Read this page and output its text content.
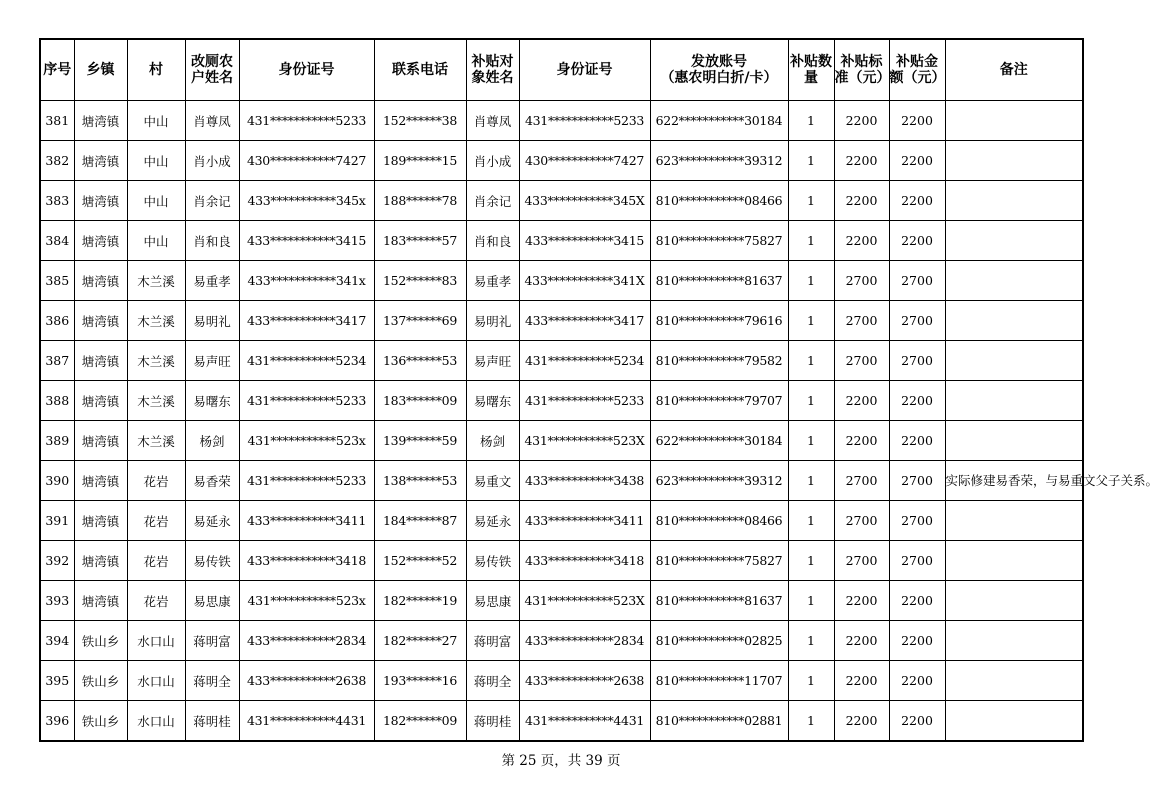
序号	乡镇	村	改厕农户姓名	身份证号	联系电话	补贴对象姓名	身份证号	发放账号
（惠农明白折/卡）	补贴数量	补贴标准（元）	补贴金额（元）	备注
381	塘湾镇	中山	肖尊凤	431***********5233	152******38	肖尊凤	431***********5233	622***********30184	1	2200	2200	
382	塘湾镇	中山	肖小成	430***********7427	189******15	肖小成	430***********7427	623***********39312	1	2200	2200	
383	塘湾镇	中山	肖余记	433***********345x	188******78	肖余记	433***********345X	810***********08466	1	2200	2200	
384	塘湾镇	中山	肖和良	433***********3415	183******57	肖和良	433***********3415	810***********75827	1	2200	2200	
385	塘湾镇	木兰溪	易重孝	433***********341x	152******83	易重孝	433***********341X	810***********81637	1	2700	2700	
386	塘湾镇	木兰溪	易明礼	433***********3417	137******69	易明礼	433***********3417	810***********79616	1	2700	2700	
387	塘湾镇	木兰溪	易声旺	431***********5234	136******53	易声旺	431***********5234	810***********79582	1	2700	2700	
388	塘湾镇	木兰溪	易曙东	431***********5233	183******09	易曙东	431***********5233	810***********79707	1	2200	2200	
389	塘湾镇	木兰溪	杨剑	431***********523x	139******59	杨剑	431***********523X	622***********30184	1	2200	2200	
390	塘湾镇	花岩	易香荣	431***********5233	138******53	易重文	433***********3438	623***********39312	1	2700	2700	实际修建易香荣，与易重文父子关系。
391	塘湾镇	花岩	易延永	433***********3411	184******87	易延永	433***********3411	810***********08466	1	2700	2700	
392	塘湾镇	花岩	易传铁	433***********3418	152******52	易传铁	433***********3418	810***********75827	1	2700	2700	
393	塘湾镇	花岩	易思康	431***********523x	182******19	易思康	431***********523X	810***********81637	1	2200	2200	
394	铁山乡	水口山	蒋明富	433***********2834	182******27	蒋明富	433***********2834	810***********02825	1	2200	2200	
395	铁山乡	水口山	蒋明全	433***********2638	193******16	蒋明全	433***********2638	810***********11707	1	2200	2200	
396	铁山乡	水口山	蒋明桂	431***********4431	182******09	蒋明桂	431***********4431	810***********02881	1	2200	2200	
第 25 页，共 39 页
